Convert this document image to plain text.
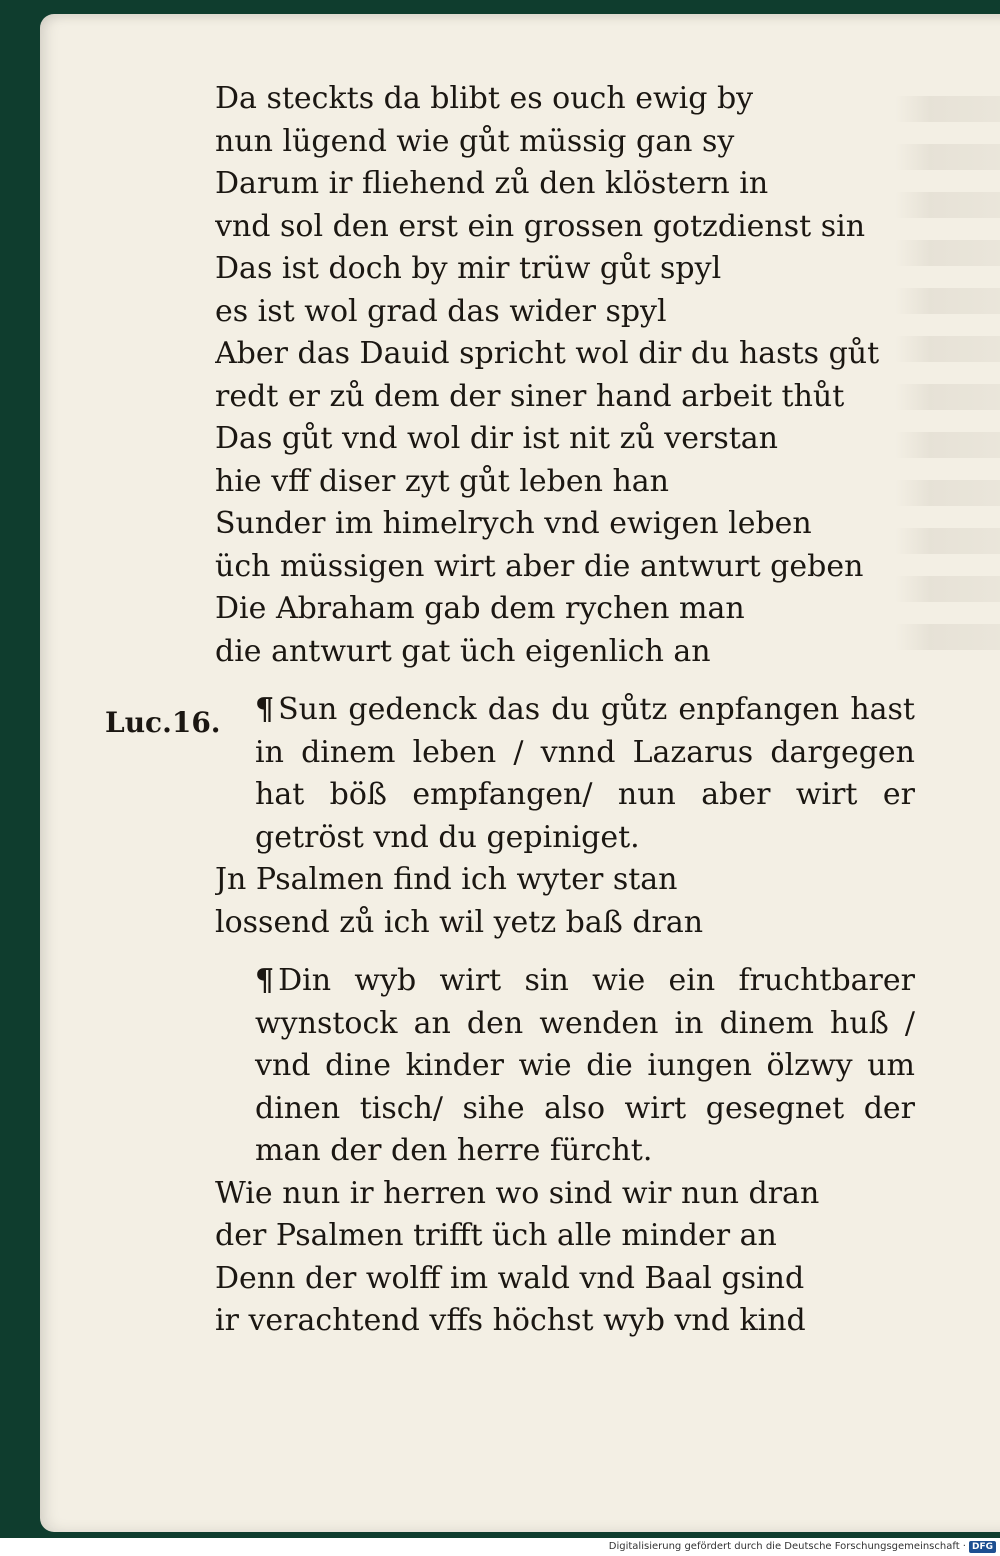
Luc.16.
Da steckts da blibt es ouch ewig by
nun lügend wie gůt müssig gan sy
Darum ir fliehend zů den klöstern in
vnd sol den erst ein grossen gotzdienst sin
Das ist doch by mir trüw gůt spyl
es ist wol grad das wider spyl
Aber das Dauid spricht wol dir du hasts gůt
redt er zů dem der siner hand arbeit thůt
Das gůt vnd wol dir ist nit zů verstan
hie vff diser zyt gůt leben han
Sunder im himelrych vnd ewigen leben
üch müssigen wirt aber die antwurt geben
Die Abraham gab dem rychen man
die antwurt gat üch eigenlich an
¶ Sun gedenck das du gůtz enpfangen hast in dinem leben / vnnd Lazarus dargegen hat böß empfangen/ nun aber wirt er getröst vnd du gepiniget.
Jn Psalmen find ich wyter stan
lossend zů ich wil yetz baß dran
¶ Din wyb wirt sin wie ein fruchtbarer wynstock an den wenden in dinem huß / vnd dine kinder wie die iungen ölzwy um dinen tisch/ sihe also wirt gesegnet der man der den herre fürcht.
Wie nun ir herren wo sind wir nun dran
der Psalmen trifft üch alle minder an
Denn der wolff im wald vnd Baal gsind
ir verachtend vffs höchst wyb vnd kind
Digitalisierung gefördert durch die Deutsche Forschungsgemeinschaft · DFG
